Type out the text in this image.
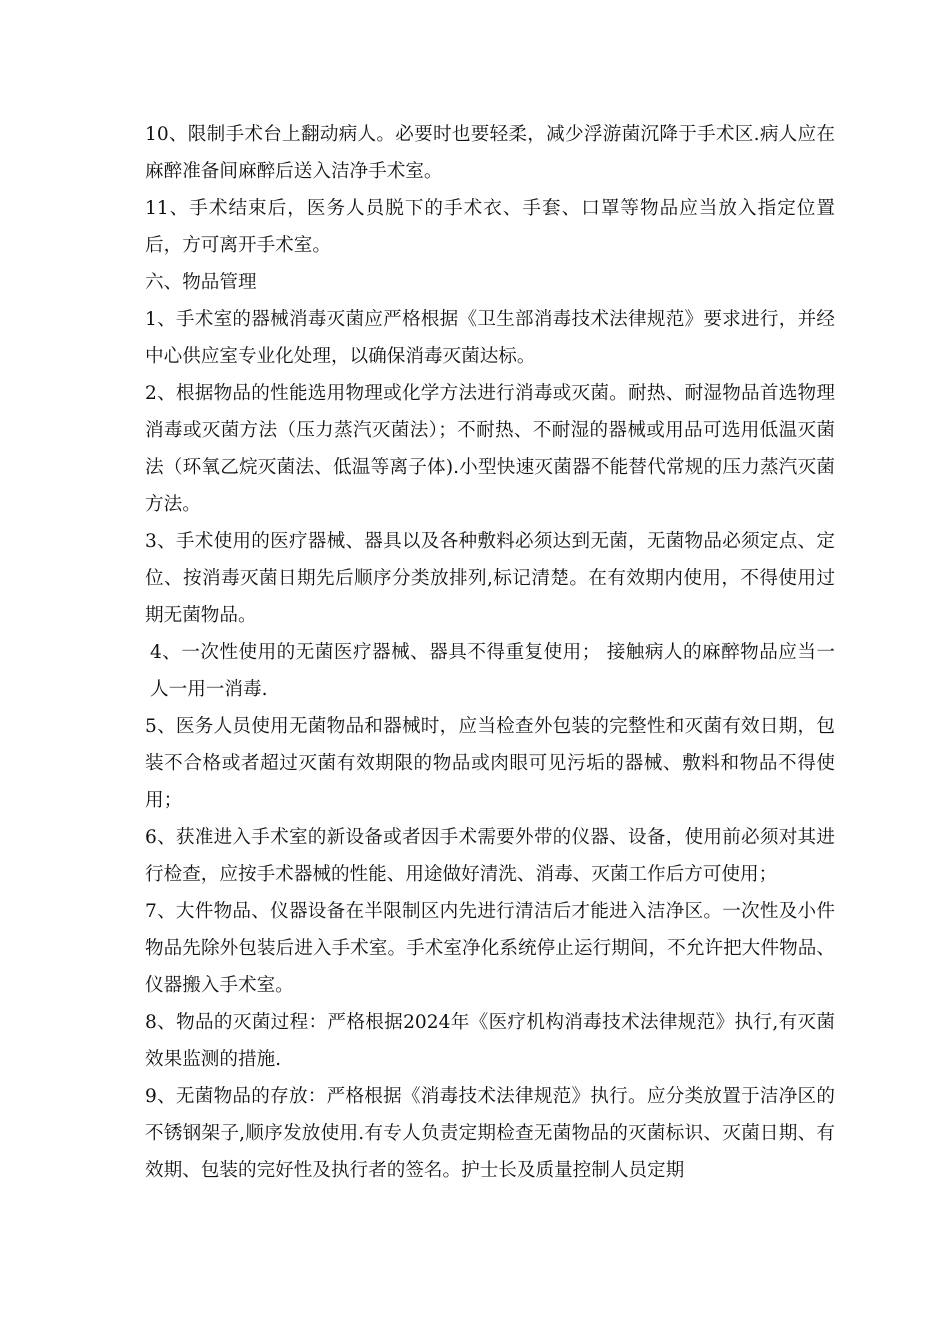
10、限制手术台上翻动病人。必要时也要轻柔，减少浮游菌沉降于手术区.病人应在麻醉准备间麻醉后送入洁净手术室。

11、手术结束后，医务人员脱下的手术衣、手套、口罩等物品应当放入指定位置后，方可离开手术室。

六、物品管理

1、手术室的器械消毒灭菌应严格根据《卫生部消毒技术法律规范》要求进行，并经中心供应室专业化处理，以确保消毒灭菌达标。

2、根据物品的性能选用物理或化学方法进行消毒或灭菌。耐热、耐湿物品首选物理消毒或灭菌方法（压力蒸汽灭菌法）；不耐热、不耐湿的器械或用品可选用低温灭菌法（环氧乙烷灭菌法、低温等离子体).小型快速灭菌器不能替代常规的压力蒸汽灭菌方法。

3、手术使用的医疗器械、器具以及各种敷料必须达到无菌，无菌物品必须定点、定位、按消毒灭菌日期先后顺序分类放排列,标记清楚。在有效期内使用，不得使用过期无菌物品。

4、一次性使用的无菌医疗器械、器具不得重复使用； 接触病人的麻醉物品应当一人一用一消毒.

5、医务人员使用无菌物品和器械时，应当检查外包装的完整性和灭菌有效日期，包装不合格或者超过灭菌有效期限的物品或肉眼可见污垢的器械、敷料和物品不得使用；

6、获准进入手术室的新设备或者因手术需要外带的仪器、设备，使用前必须对其进行检查，应按手术器械的性能、用途做好清洗、消毒、灭菌工作后方可使用；

7、大件物品、仪器设备在半限制区内先进行清洁后才能进入洁净区。一次性及小件物品先除外包装后进入手术室。手术室净化系统停止运行期间，不允许把大件物品、仪器搬入手术室。

8、物品的灭菌过程：严格根据2024年《医疗机构消毒技术法律规范》执行,有灭菌效果监测的措施.

9、无菌物品的存放：严格根据《消毒技术法律规范》执行。应分类放置于洁净区的不锈钢架子,顺序发放使用.有专人负责定期检查无菌物品的灭菌标识、灭菌日期、有效期、包装的完好性及执行者的签名。护士长及质量控制人员定期
